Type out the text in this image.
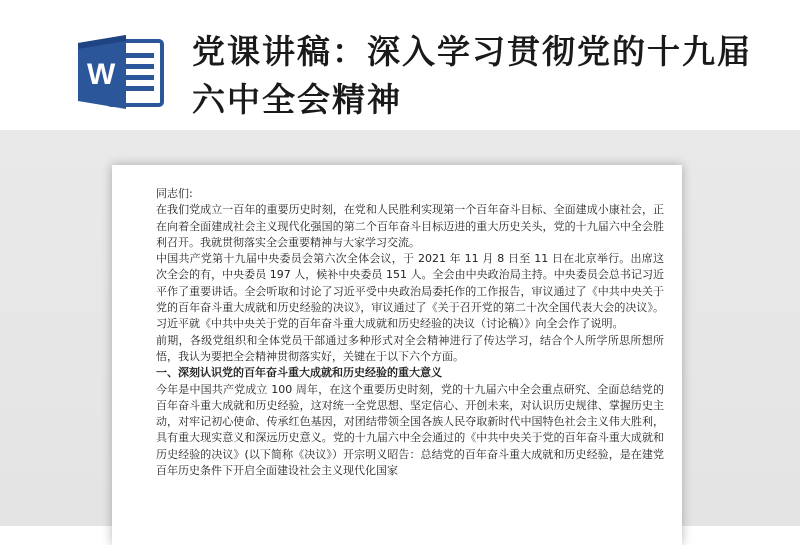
W
党课讲稿：深入学习贯彻党的十九届六中全会精神

同志们:

在我们党成立一百年的重要历史时刻，在党和人民胜利实现第一个百年奋斗目标、全面建成小康社会，正在向着全面建成社会主义现代化强国的第二个百年奋斗目标迈进的重大历史关头，党的十九届六中全会胜利召开。我就贯彻落实全会重要精神与大家学习交流。

中国共产党第十九届中央委员会第六次全体会议，于 2021 年 11 月 8 日至 11 日在北京举行。出席这次全会的有，中央委员 197 人，候补中央委员 151 人。全会由中央政治局主持。中央委员会总书记习近平作了重要讲话。全会听取和讨论了习近平受中央政治局委托作的工作报告，审议通过了《中共中央关于党的百年奋斗重大成就和历史经验的决议》，审议通过了《关于召开党的第二十次全国代表大会的决议》。习近平就《中共中央关于党的百年奋斗重大成就和历史经验的决议（讨论稿）》向全会作了说明。

前期，各级党组织和全体党员干部通过多种形式对全会精神进行了传达学习，结合个人所学所思所想所悟，我认为要把全会精神贯彻落实好，关键在于以下六个方面。

一、深刻认识党的百年奋斗重大成就和历史经验的重大意义

今年是中国共产党成立 100 周年，在这个重要历史时刻，党的十九届六中全会重点研究、全面总结党的百年奋斗重大成就和历史经验，这对统一全党思想、坚定信心、开创未来，对认识历史规律、掌握历史主动，对牢记初心使命、传承红色基因，对团结带领全国各族人民夺取新时代中国特色社会主义伟大胜利，具有重大现实意义和深远历史意义。党的十九届六中全会通过的《中共中央关于党的百年奋斗重大成就和历史经验的决议》(以下简称《决议》）开宗明义昭告：总结党的百年奋斗重大成就和历史经验，是在建党百年历史条件下开启全面建设社会主义现代化国家
